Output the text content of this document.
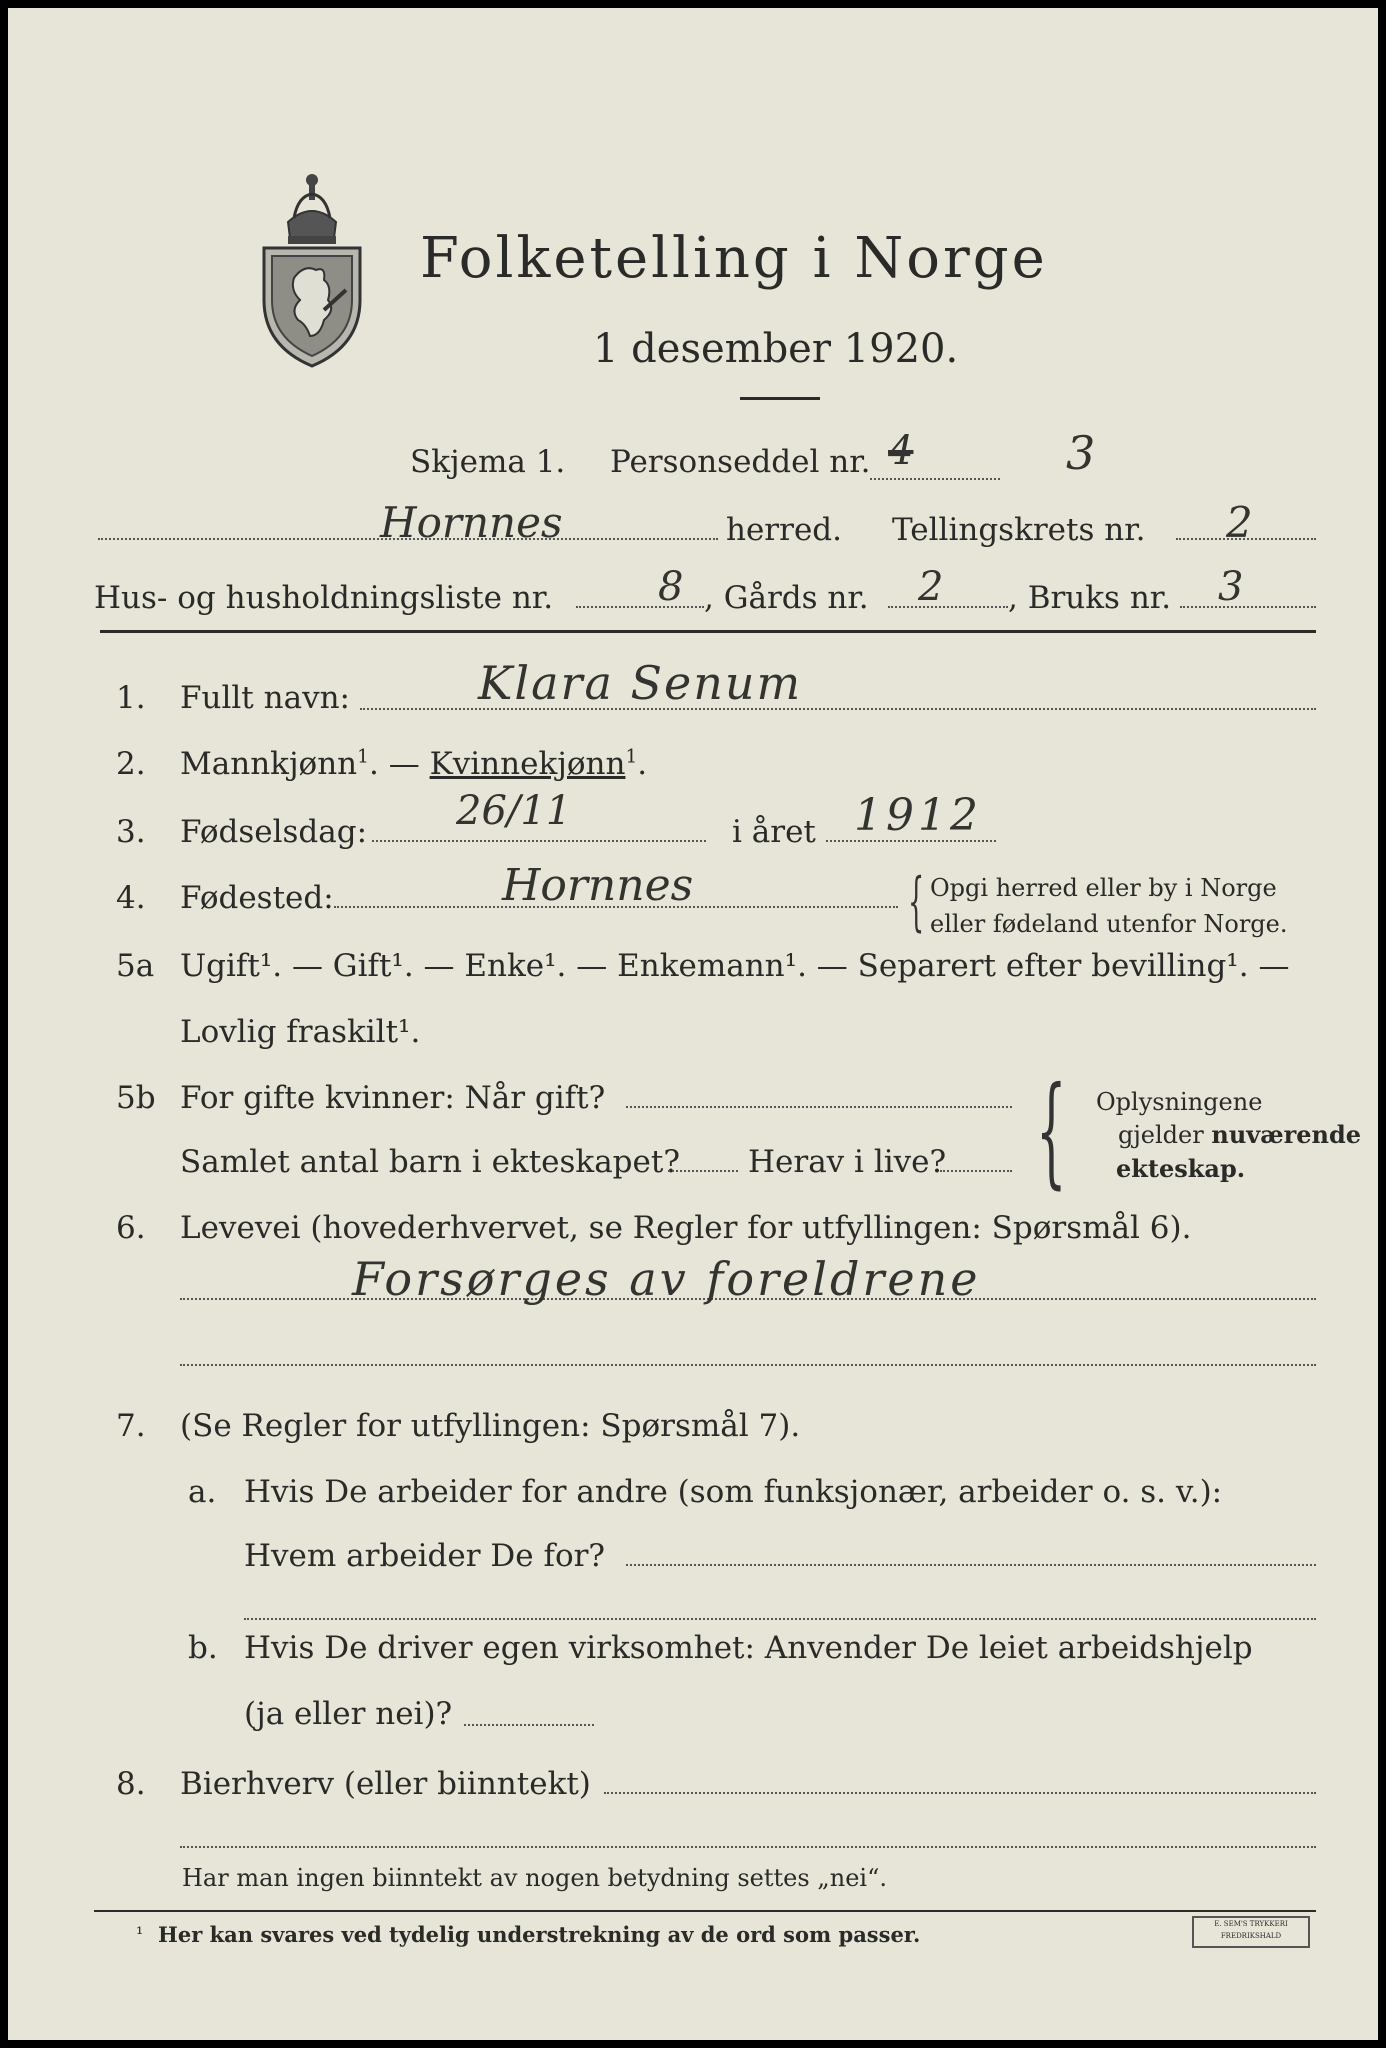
Folketelling i Norge
1 desember 1920.
Skjema 1. Personseddel nr. 4	3
Hornnes	herred. Tellingskrets nr. 2
Hus- og husholdningsliste nr.	8 , Gårds nr. 2 , Bruks nr. 3
1. Fullt navn:	Klara Senum
2. Mannkjønn$^1$. — Kvinnekjønn$^1$.
3. Fødselsdag: 26/11	i året 1912
4. Fødested:	Hornnes	{ Opgi herred eller by i Norge
eller fødeland utenfor Norge.
5a Ugift¹. — Gift¹. — Enke¹. — Enkemann¹. — Separert efter bevilling¹. —
Lovlig fraskilt¹.
5b For gifte kvinner: Når gift?
Samlet antal barn i ekteskapet? Herav i live? { Oplysningene
gjelder nuværende
ekteskap.
6. Levevei (hovederhvervet, se Regler for utfyllingen: Spørsmål 6).
Forsørges av foreldrene
7. (Se Regler for utfyllingen: Spørsmål 7).
a. Hvis De arbeider for andre (som funksjonær, arbeider o. s. v.):
Hvem arbeider De for?
b. Hvis De driver egen virksomhet: Anvender De leiet arbeidshjelp
(ja eller nei)?
8. Bierhverv (eller biinntekt)
Har man ingen biinntekt av nogen betydning settes „nei“.
¹ Her kan svares ved tydelig understrekning av de ord som passer.	E. SEM'S TRYKKERI FREDRIKSHALD
